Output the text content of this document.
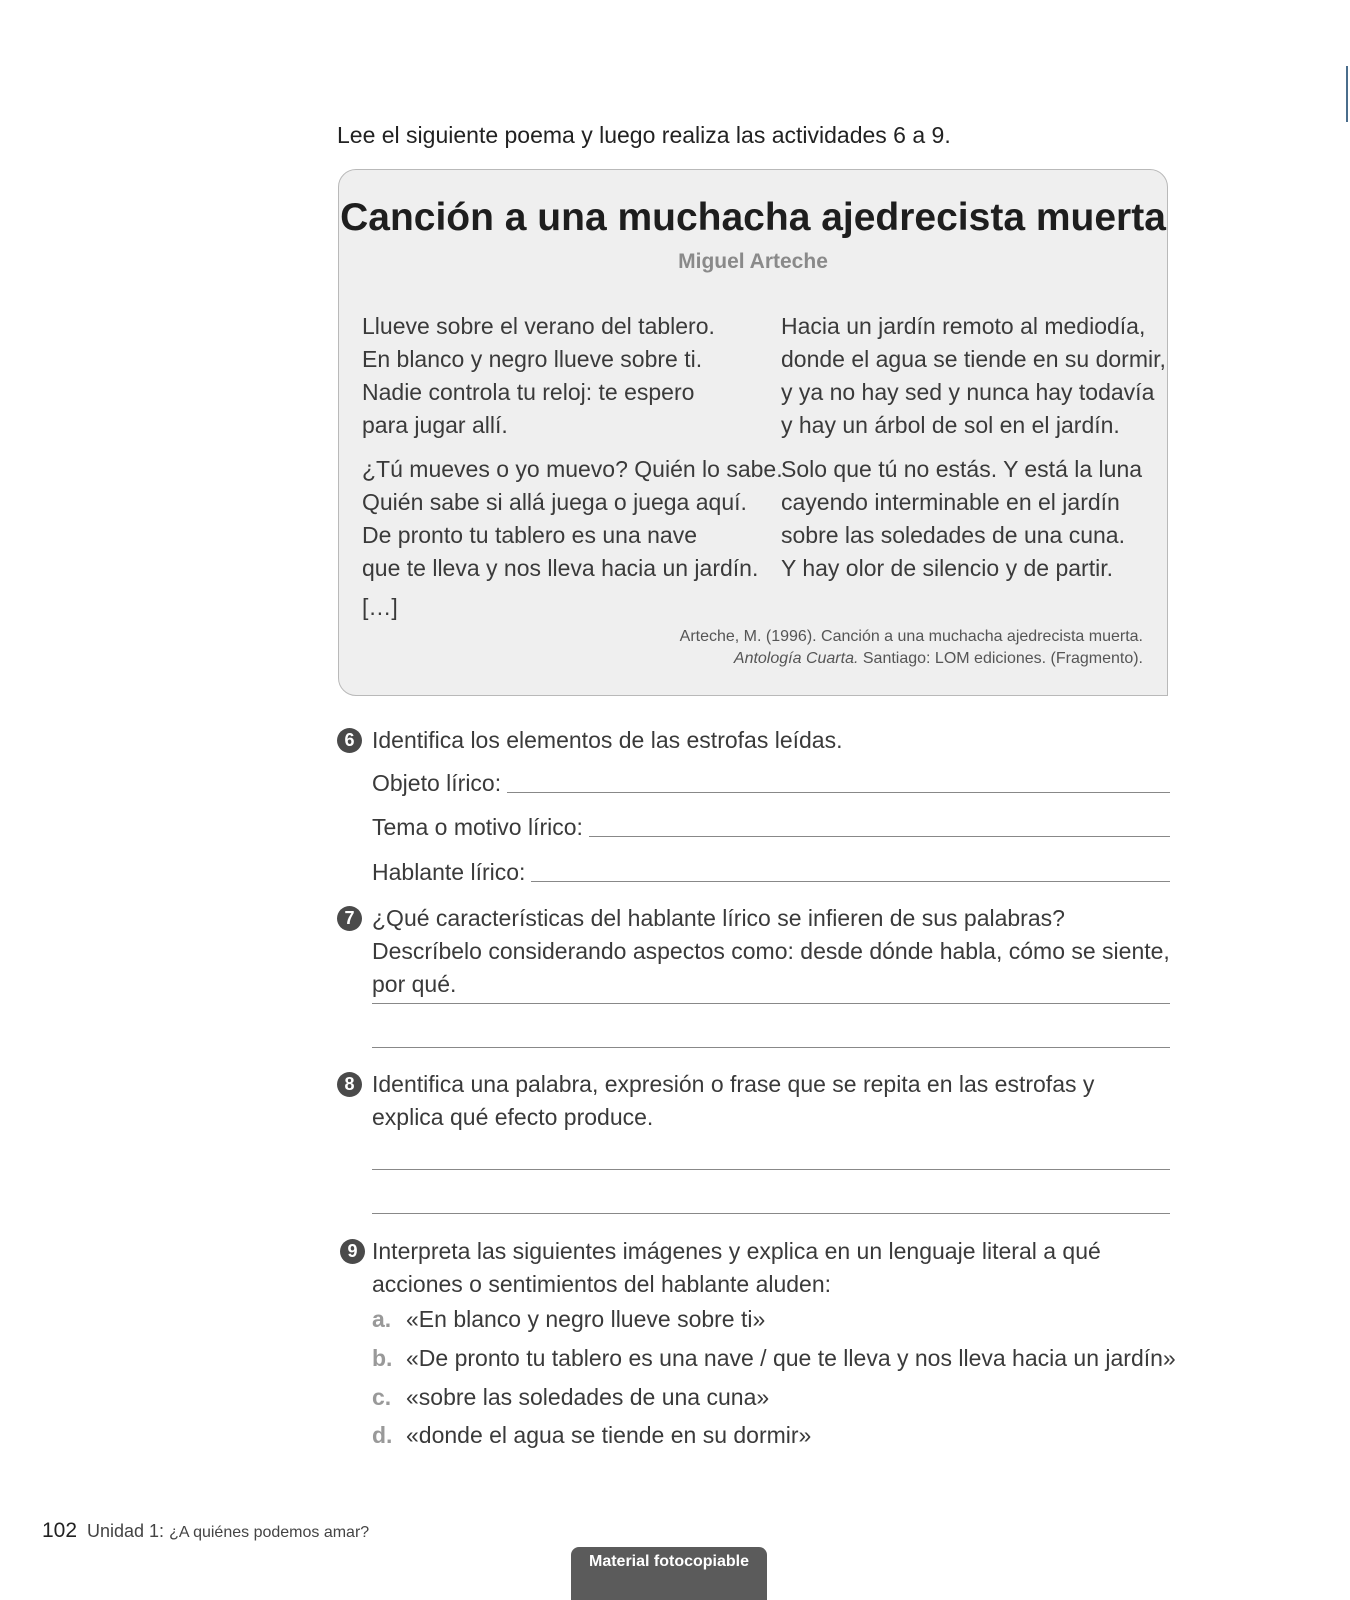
Lee el siguiente poema y luego realiza las actividades 6 a 9.
Canción a una muchacha ajedrecista muerta
Miguel Arteche
Llueve sobre el verano del tablero.
En blanco y negro llueve sobre ti.
Nadie controla tu reloj: te espero
para jugar allí.
¿Tú mueves o yo muevo? Quién lo sabe.
Quién sabe si allá juega o juega aquí.
De pronto tu tablero es una nave
que te lleva y nos lleva hacia un jardín.
Hacia un jardín remoto al mediodía,
donde el agua se tiende en su dormir,
y ya no hay sed y nunca hay todavía
y hay un árbol de sol en el jardín.
Solo que tú no estás. Y está la luna
cayendo interminable en el jardín
sobre las soledades de una cuna.
Y hay olor de silencio y de partir.
[…]
Arteche, M. (1996). Canción a una muchacha ajedrecista muerta.
Antología Cuarta. Santiago: LOM ediciones. (Fragmento).
6 Identifica los elementos de las estrofas leídas.
Objeto lírico:
Tema o motivo lírico:
Hablante lírico:
7 ¿Qué características del hablante lírico se infieren de sus palabras? Descríbelo considerando aspectos como: desde dónde habla, cómo se siente, por qué.
8 Identifica una palabra, expresión o frase que se repita en las estrofas y explica qué efecto produce.
9 Interpreta las siguientes imágenes y explica en un lenguaje literal a qué acciones o sentimientos del hablante aluden:
a. «En blanco y negro llueve sobre ti»
b. «De pronto tu tablero es una nave / que te lleva y nos lleva hacia un jardín»
c. «sobre las soledades de una cuna»
d. «donde el agua se tiende en su dormir»
102 Unidad 1: ¿A quiénes podemos amar?
Material fotocopiable
